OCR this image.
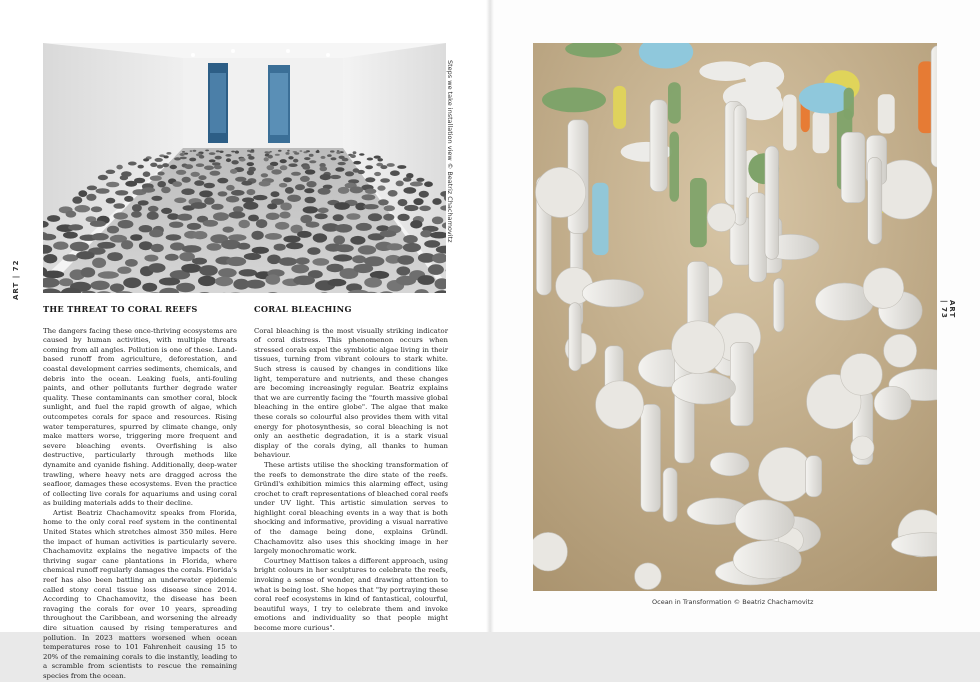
ART | 72
ART | 73
Steps we take installation view © Beatriz Chachamovitz
THE THREAT TO CORAL REEFS

The dangers facing these once-thriving ecosystems are caused by human activities, with multiple threats coming from all angles. Pollution is one of these. Land-based runoff from agriculture, deforestation, and coastal development carries sediments, chemicals, and debris into the ocean. Leaking fuels, anti-fouling paints, and other pollutants further degrade water quality. These contaminants can smother coral, block sunlight, and fuel the rapid growth of algae, which outcompetes corals for space and resources. Rising water temperatures, spurred by climate change, only make matters worse, triggering more frequent and severe bleaching events. Overfishing is also destructive, particularly through methods like dynamite and cyanide fishing. Additionally, deep-water trawling, where heavy nets are dragged across the seafloor, damages these ecosystems. Even the practice of collecting live corals for aquariums and using coral as building materials adds to their decline.

Artist Beatriz Chachamovitz speaks from Florida, home to the only coral reef system in the continental United States which stretches almost 350 miles. Here the impact of human activities is particularly severe. Chachamovitz explains the negative impacts of the thriving sugar cane plantations in Florida, where chemical runoff regularly damages the corals. Florida's reef has also been battling an underwater epidemic called stony coral tissue loss disease since 2014. According to Chachamovitz, the disease has been ravaging the corals for over 10 years, spreading throughout the Caribbean, and worsening the already dire situation caused by rising temperatures and pollution. In 2023 matters worsened when ocean temperatures rose to 101 Fahrenheit causing 15 to 20% of the remaining corals to die instantly, leading to a scramble from scientists to rescue the remaining species from the ocean.

CORAL BLEACHING

Coral bleaching is the most visually striking indicator of coral distress. This phenomenon occurs when stressed corals expel the symbiotic algae living in their tissues, turning from vibrant colours to stark white. Such stress is caused by changes in conditions like light, temperature and nutrients, and these changes are becoming increasingly regular. Beatriz explains that we are currently facing the "fourth massive global bleaching in the entire globe". The algae that make these corals so colourful also provides them with vital energy for photosynthesis, so coral bleaching is not only an aesthetic degradation, it is a stark visual display of the corals dying, all thanks to human behaviour.

These artists utilise the shocking transformation of the reefs to demonstrate the dire state of the reefs. Gründl's exhibition mimics this alarming effect, using crochet to craft representations of bleached coral reefs under UV light. This artistic simulation serves to highlight coral bleaching events in a way that is both shocking and informative, providing a visual narrative of the damage being done, explains Gründl. Chachamovitz also uses this shocking image in her largely monochromatic work.

Courtney Mattison takes a different approach, using bright colours in her sculptures to celebrate the reefs, invoking a sense of wonder, and drawing attention to what is being lost. She hopes that "by portraying these coral reef ecosystems in kind of fantastical, colourful, beautiful ways, I try to celebrate them and invoke emotions and individuality so that people might become more curious".

Ocean in Transformation © Beatriz Chachamovitz
